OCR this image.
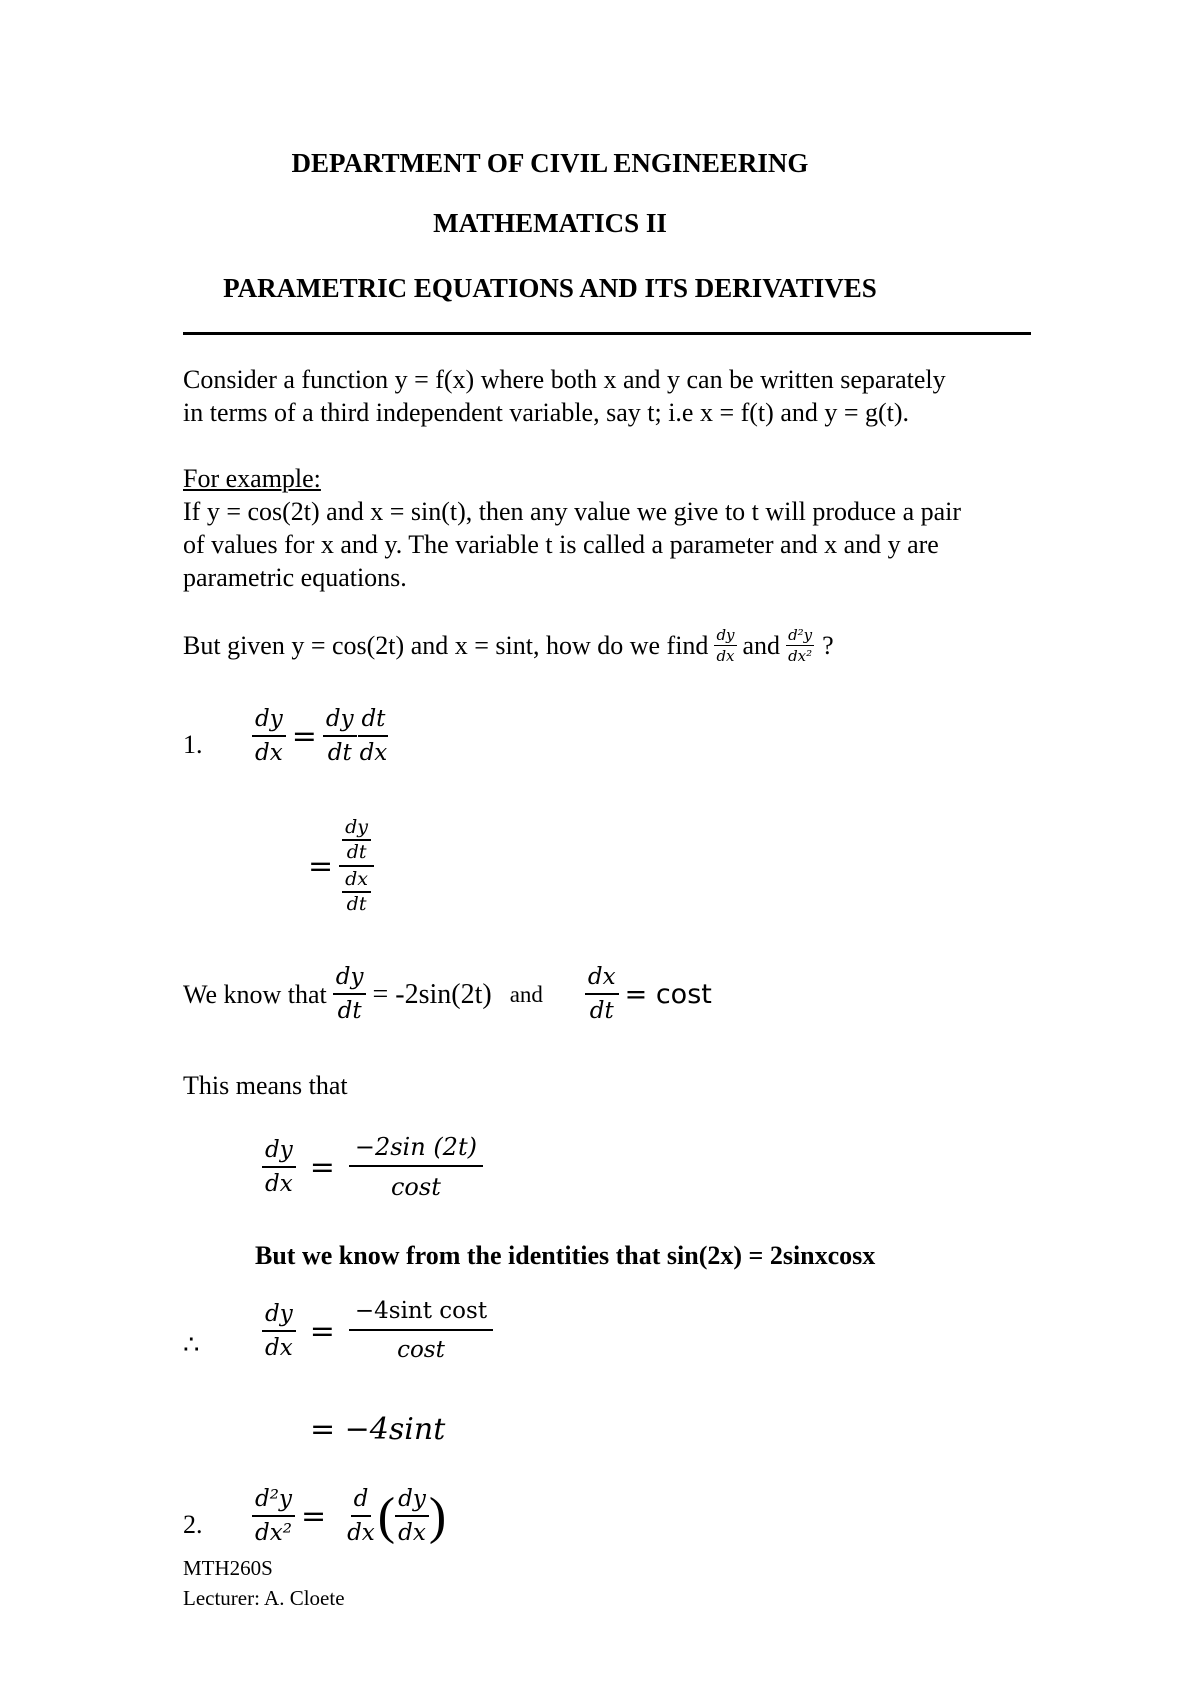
DEPARTMENT OF CIVIL ENGINEERING
MATHEMATICS II
PARAMETRIC EQUATIONS AND ITS DERIVATIVES
Consider a function y = f(x) where both x and y can be written separately
in terms of a third independent variable, say t; i.e x = f(t) and y = g(t).
For example:
If y = cos(2t) and x = sin(t), then any value we give to t will produce a pair
of values for x and y. The variable t is called a parameter and x and y are
parametric equations.
But given y = cos(2t) and x = sint, how do we find $\frac{dy}{dx}$ and $\frac{\text{d²y}}{\text{dx²}}$ ?
1. $\frac{dy}{dx} = \frac{dy}{dt} \frac{dt}{dx}$
= $\frac{\frac{dy}{dt}}{\frac{dx}{dt}}$
We know that $\frac{dy}{dt} = -2\sin(2t)$ and $\frac{dx}{dt} = \cos t$
This means that
$\frac{dy}{dx} = \frac{-2\sin (2t)}{\cos t}$
But we know from the identities that sin(2x) = 2sinxcosx
∴	$\frac{dy}{dx} = \frac{\text{−4sint cost}}{\cos t}$
= −4sint
2. $\frac{\text{d²y}}{\text{dx²}} = \frac{d}{dx}$ ( $\frac{dy}{dx}$ )
MTH260S
Lecturer: A. Cloete
